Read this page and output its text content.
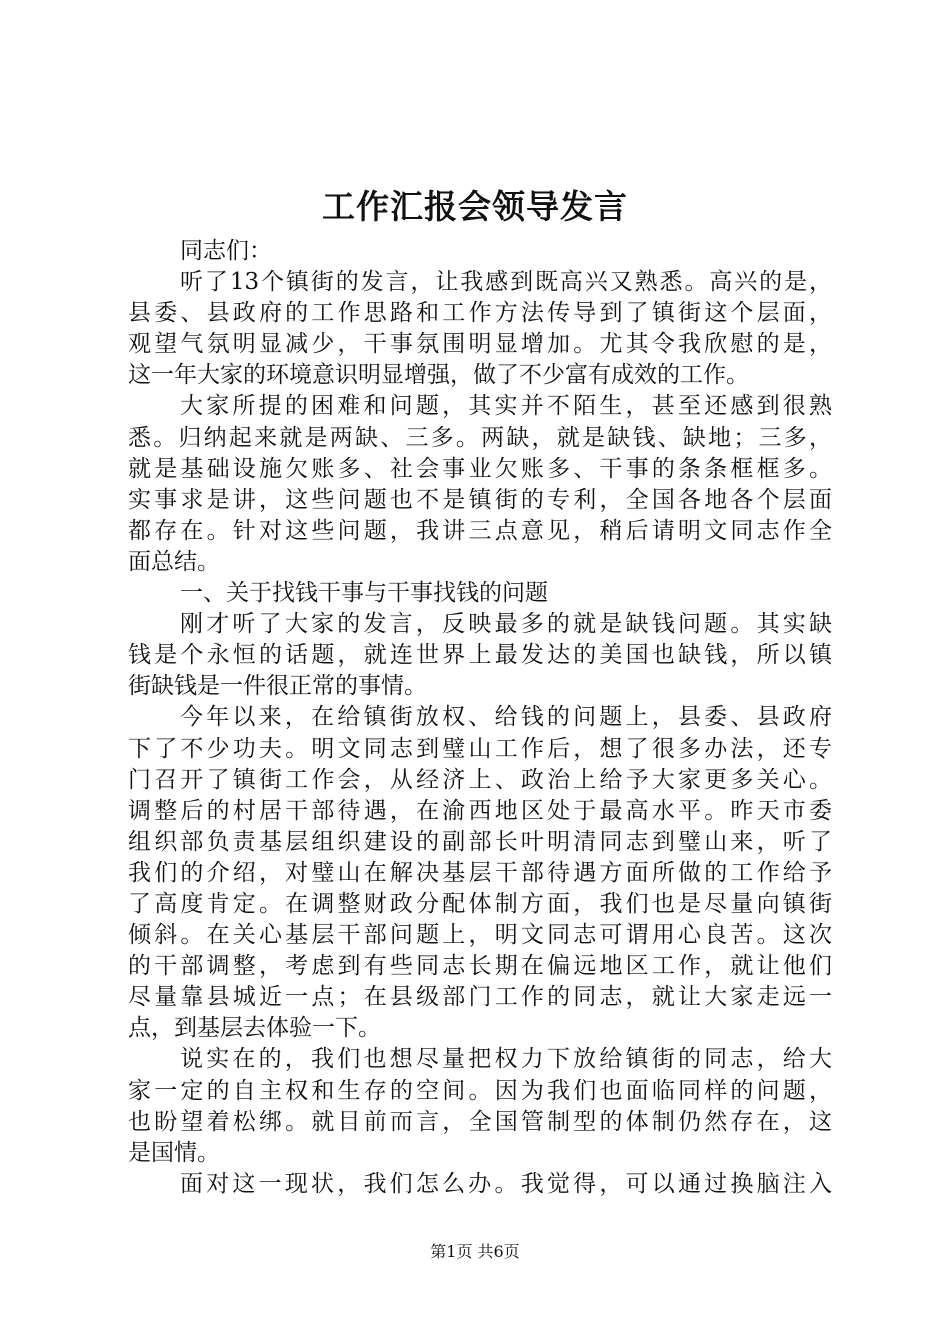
工作汇报会领导发言
同志们：
听了13个镇街的发言，让我感到既高兴又熟悉。高兴的是，
县委、县政府的工作思路和工作方法传导到了镇街这个层面，
观望气氛明显减少，干事氛围明显增加。尤其令我欣慰的是，
这一年大家的环境意识明显增强，做了不少富有成效的工作。
大家所提的困难和问题，其实并不陌生，甚至还感到很熟
悉。归纳起来就是两缺、三多。两缺，就是缺钱、缺地；三多，
就是基础设施欠账多、社会事业欠账多、干事的条条框框多。
实事求是讲，这些问题也不是镇街的专利，全国各地各个层面
都存在。针对这些问题，我讲三点意见，稍后请明文同志作全
面总结。
一、关于找钱干事与干事找钱的问题
刚才听了大家的发言，反映最多的就是缺钱问题。其实缺
钱是个永恒的话题，就连世界上最发达的美国也缺钱，所以镇
街缺钱是一件很正常的事情。
今年以来，在给镇街放权、给钱的问题上，县委、县政府
下了不少功夫。明文同志到璧山工作后，想了很多办法，还专
门召开了镇街工作会，从经济上、政治上给予大家更多关心。
调整后的村居干部待遇，在渝西地区处于最高水平。昨天市委
组织部负责基层组织建设的副部长叶明清同志到璧山来，听了
我们的介绍，对璧山在解决基层干部待遇方面所做的工作给予
了高度肯定。在调整财政分配体制方面，我们也是尽量向镇街
倾斜。在关心基层干部问题上，明文同志可谓用心良苦。这次
的干部调整，考虑到有些同志长期在偏远地区工作，就让他们
尽量靠县城近一点；在县级部门工作的同志，就让大家走远一
点，到基层去体验一下。
说实在的，我们也想尽量把权力下放给镇街的同志，给大
家一定的自主权和生存的空间。因为我们也面临同样的问题，
也盼望着松绑。就目前而言，全国管制型的体制仍然存在，这
是国情。
面对这一现状，我们怎么办。我觉得，可以通过换脑注入
第1页 共6页
